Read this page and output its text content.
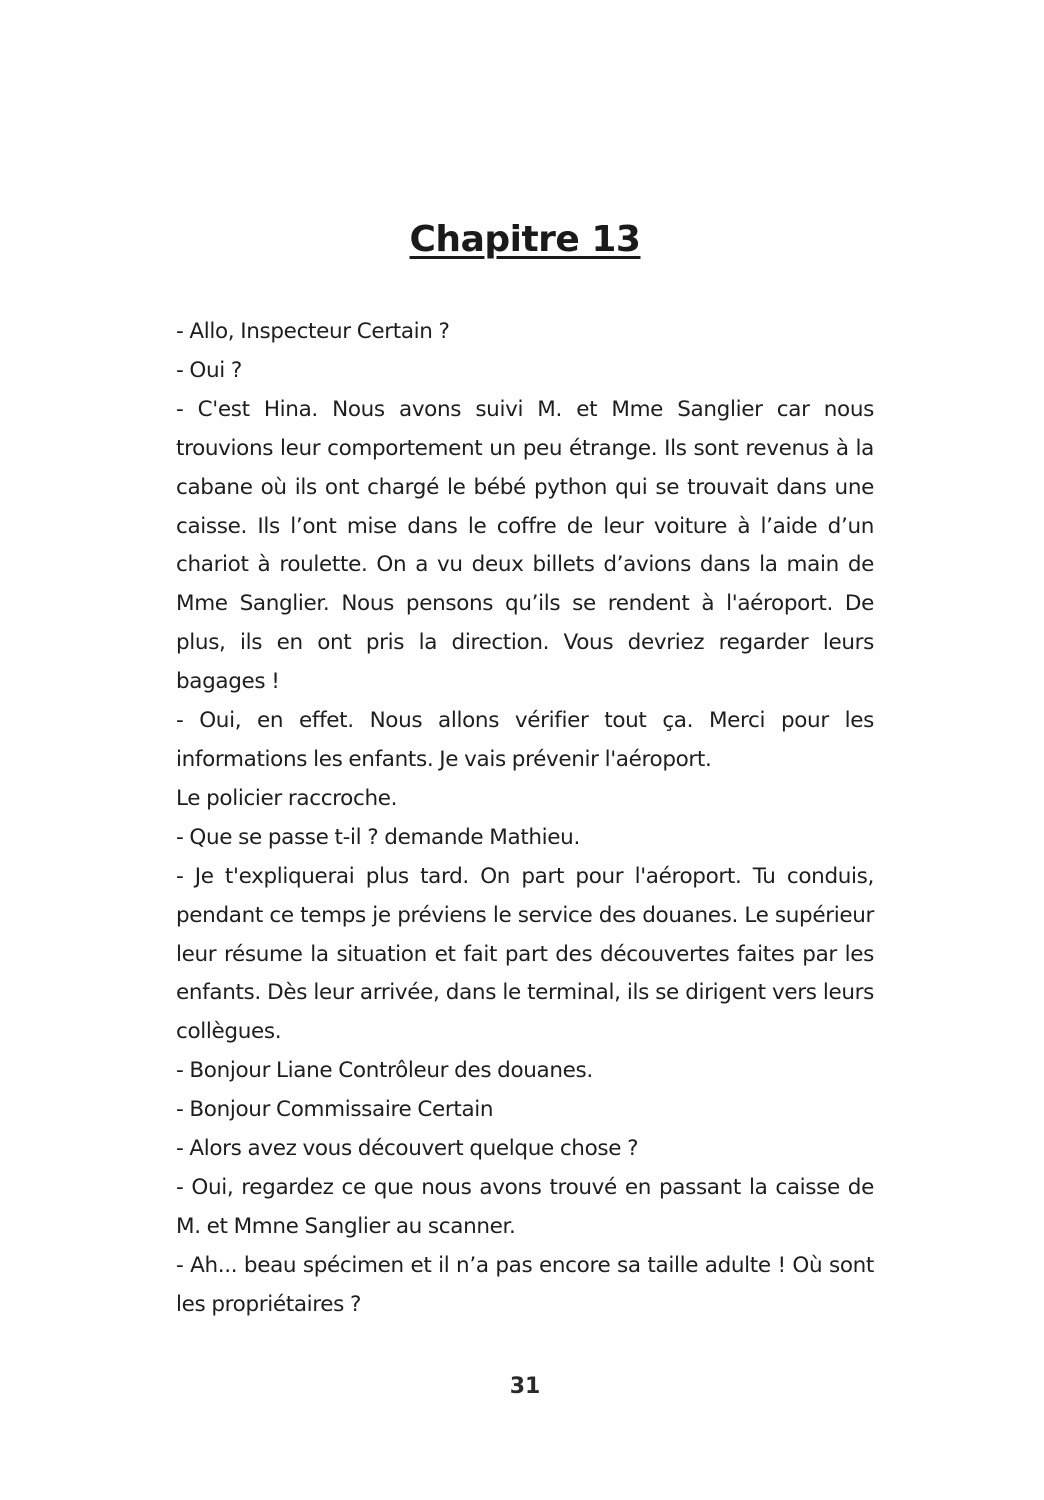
Chapitre 13

- Allo, Inspecteur Certain ?

- Oui ?

- C'est Hina. Nous avons suivi M. et Mme Sanglier car nous trouvions leur comportement un peu étrange. Ils sont revenus à la cabane où ils ont chargé le bébé python qui se trouvait dans une caisse. Ils l’ont mise dans le coffre de leur voiture à l’aide d’un chariot à roulette. On a vu deux billets d’avions dans la main de Mme Sanglier. Nous pensons qu’ils se rendent à l'aéroport. De plus, ils en ont pris la direction. Vous devriez regarder leurs bagages !

- Oui, en effet. Nous allons vérifier tout ça. Merci pour les informations les enfants. Je vais prévenir l'aéroport.

Le policier raccroche.

- Que se passe t-il ? demande Mathieu.

- Je t'expliquerai plus tard. On part pour l'aéroport. Tu conduis, pendant ce temps je préviens le service des douanes. Le supérieur leur résume la situation et fait part des découvertes faites par les enfants. Dès leur arrivée, dans le terminal, ils se dirigent vers leurs collègues.

- Bonjour Liane Contrôleur des douanes.

- Bonjour Commissaire Certain

- Alors avez vous découvert quelque chose ?

- Oui, regardez ce que nous avons trouvé en passant la caisse de M. et Mmne Sanglier au scanner.

- Ah... beau spécimen et il n’a pas encore sa taille adulte ! Où sont les propriétaires ?

31
